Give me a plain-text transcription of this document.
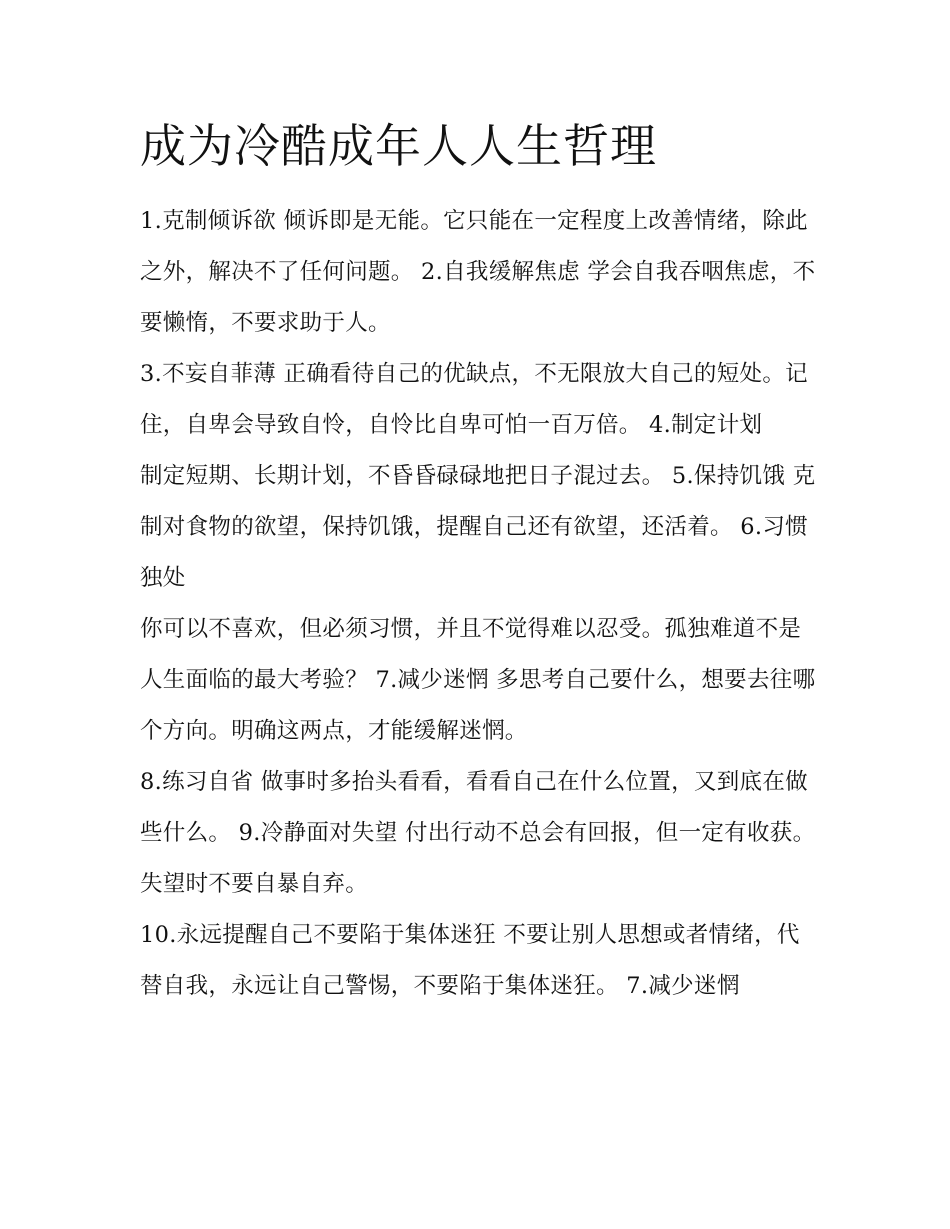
成为冷酷成年人人生哲理

1.克制倾诉欲 倾诉即是无能。它只能在一定程度上改善情绪，除此之外，解决不了任何问题。 2.自我缓解焦虑 学会自我吞咽焦虑，不要懒惰，不要求助于人。

3.不妄自菲薄 正确看待自己的优缺点，不无限放大自己的短处。记住，自卑会导致自怜，自怜比自卑可怕一百万倍。 4.制定计划

制定短期、长期计划，不昏昏碌碌地把日子混过去。 5.保持饥饿 克制对食物的欲望，保持饥饿，提醒自己还有欲望，还活着。 6.习惯独处

你可以不喜欢，但必须习惯，并且不觉得难以忍受。孤独难道不是人生面临的最大考验？ 7.减少迷惘 多思考自己要什么，想要去往哪个方向。明确这两点，才能缓解迷惘。

8.练习自省 做事时多抬头看看，看看自己在什么位置，又到底在做些什么。 9.冷静面对失望 付出行动不总会有回报，但一定有收获。失望时不要自暴自弃。

10.永远提醒自己不要陷于集体迷狂 不要让别人思想或者情绪，代替自我，永远让自己警惕，不要陷于集体迷狂。 7.减少迷惘
